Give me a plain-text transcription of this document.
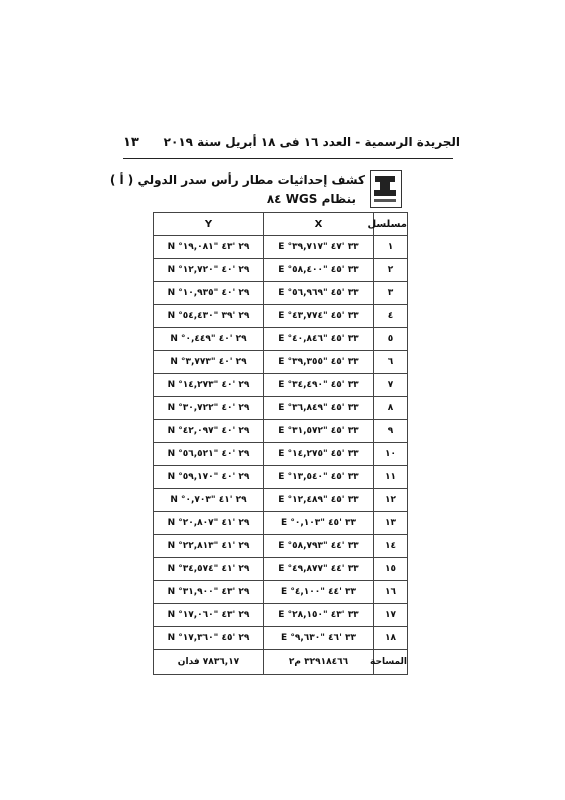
١٣ الجريدة الرسمية - العدد ١٦ فى ١٨ أبريل سنة ٢٠١٩
كشف إحداثيات مطار رأس سدر الدولي ( أ )
بنظام WGS ٨٤
مسلسل	X	Y
١	E °٣٣ '٤٧ "٣٩,٧١٧	N °٢٩ '٤٣ "١٩,٠٨١
٢	E °٣٣ '٤٥ "٥٨,٤٠٠	N °٢٩ '٤٠ "١٢,٧٢٠
٣	E °٣٣ '٤٥ "٥٦,٩٦٩	N °٢٩ '٤٠ "١٠,٩٣٥
٤	E °٣٣ '٤٥ "٤٣,٧٧٤	N °٢٩ '٣٩ "٥٤,٤٣٠
٥	E °٣٣ '٤٥ "٤٠,٨٤٦	N °٢٩ '٤٠ "٠,٤٤٩
٦	E °٣٣ '٤٥ "٣٩,٣٥٥	N °٢٩ '٤٠ "٣,٧٧٣
٧	E °٣٣ '٤٥ "٣٤,٤٩٠	N °٢٩ '٤٠ "١٤,٢٧٣
٨	E °٣٣ '٤٥ "٣٦,٨٤٩	N °٢٩ '٤٠ "٣٠,٧٢٢
٩	E °٣٣ '٤٥ "٣١,٥٧٢	N °٢٩ '٤٠ "٤٢,٠٩٧
١٠	E °٣٣ '٤٥ "١٤,٢٧٥	N °٢٩ '٤٠ "٥٦,٥٢١
١١	E °٣٣ '٤٥ "١٣,٥٤٠	N °٢٩ '٤٠ "٥٩,١٧٠
١٢	E °٣٣ '٤٥ "١٢,٤٨٩	N °٢٩ '٤١ "٠,٧٠٣
١٣	E °٣٣ '٤٥ "٠,١٠٣	N °٢٩ '٤١ "٢٠,٨٠٧
١٤	E °٣٣ '٤٤ "٥٨,٧٩٣	N °٢٩ '٤١ "٢٢,٨١٣
١٥	E °٣٣ '٤٤ "٤٩,٨٧٧	N °٢٩ '٤١ "٣٤,٥٧٤
١٦	E °٣٣ '٤٤ "٤,١٠٠	N °٢٩ '٤٣ "٣١,٩٠٠
١٧	E °٣٣ '٤٣ "٢٨,١٥٠	N °٢٩ '٤٣ "١٧,٠٦٠
١٨	E °٣٣ '٤٦ "٩,٦٣٠	N °٢٩ '٤٥ "١٧,٣٦٠
المساحة	٣٢٩١٨٤٦٦ م٢	٧٨٣٦,١٧ فدان
